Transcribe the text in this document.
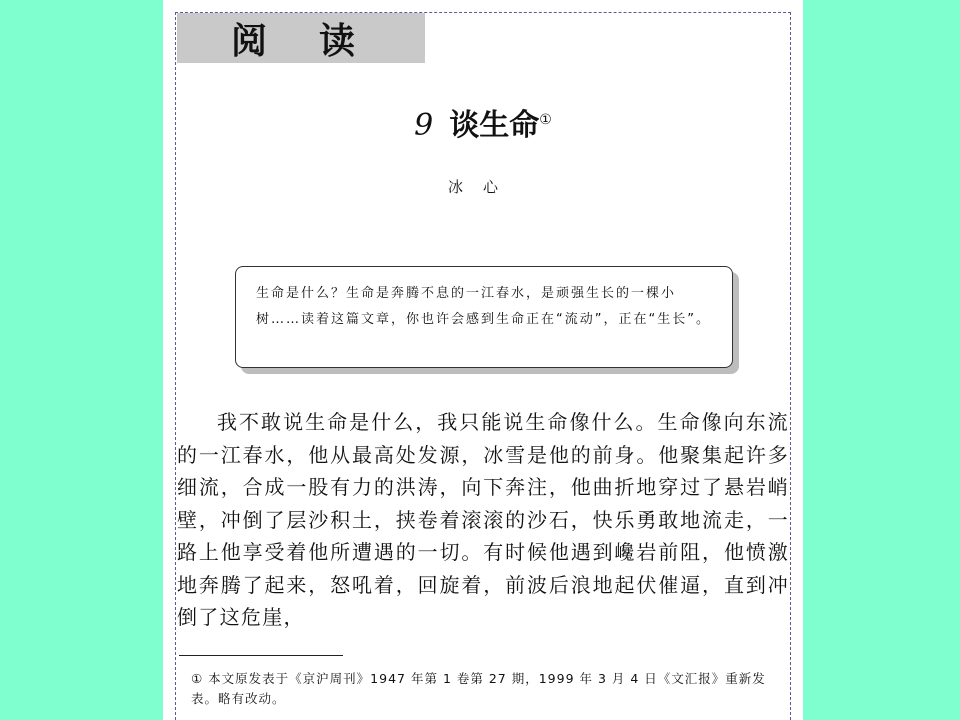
阅读
9 谈生命①
冰心
生命是什么？生命是奔腾不息的一江春水，是顽强生长的一棵小树……读着这篇文章，你也许会感到生命正在“流动”，正在“生长”。

我不敢说生命是什么，我只能说生命像什么。生命像向东流的一江春水，他从最高处发源，冰雪是他的前身。他聚集起许多细流，合成一股有力的洪涛，向下奔注，他曲折地穿过了悬岩峭壁，冲倒了层沙积土，挟卷着滚滚的沙石，快乐勇敢地流走，一路上他享受着他所遭遇的一切。有时候他遇到巉岩前阻，他愤激地奔腾了起来，怒吼着，回旋着，前波后浪地起伏催逼，直到冲倒了这危崖，

① 本文原发表于《京沪周刊》1947 年第 1 卷第 27 期，1999 年 3 月 4 日《文汇报》重新发表。略有改动。
